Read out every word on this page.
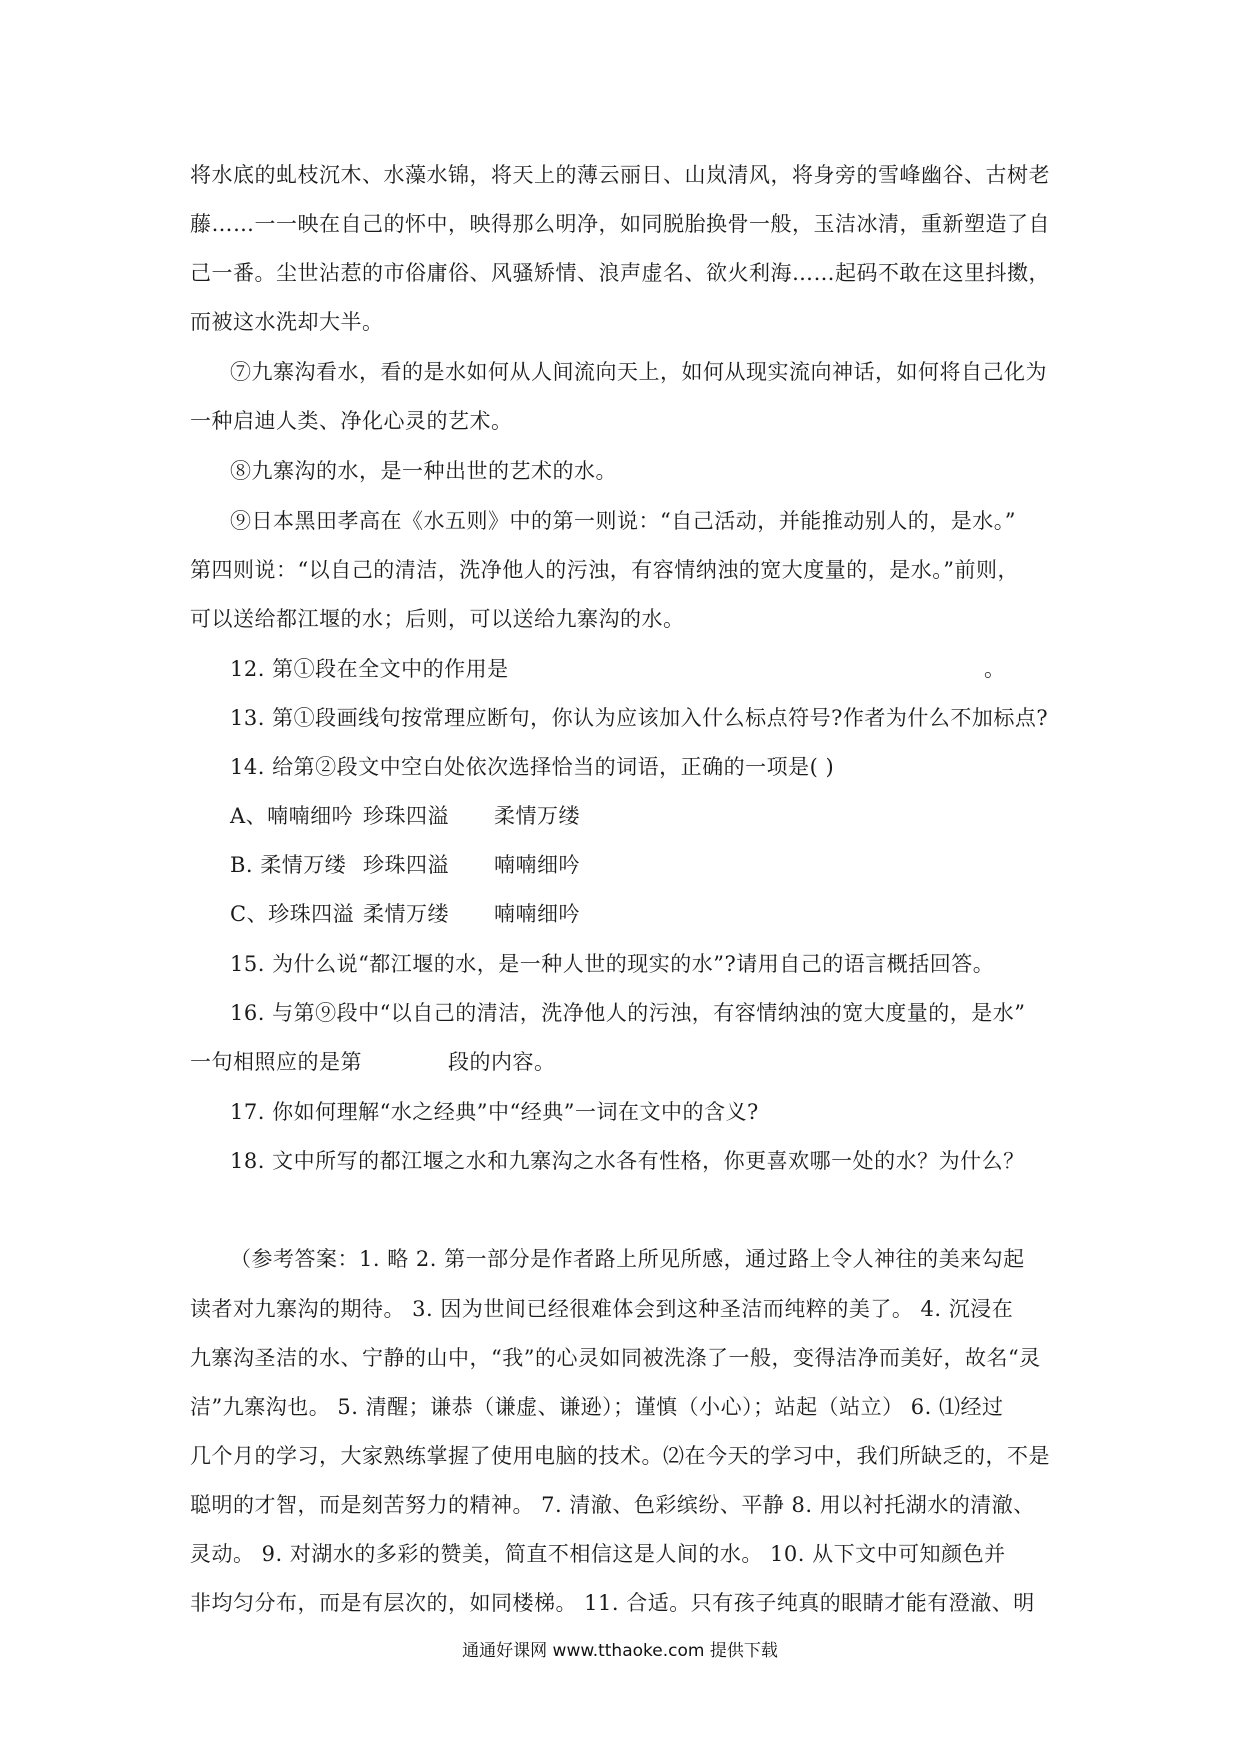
将水底的虬枝沉木、水藻水锦，将天上的薄云丽日、山岚清风，将身旁的雪峰幽谷、古树老
藤……一一映在自己的怀中，映得那么明净，如同脱胎换骨一般，玉洁冰清，重新塑造了自
己一番。尘世沾惹的市俗庸俗、风骚矫情、浪声虚名、欲火利海……起码不敢在这里抖擞，
而被这水洗却大半。
⑦九寨沟看水，看的是水如何从人间流向天上，如何从现实流向神话，如何将自己化为
一种启迪人类、净化心灵的艺术。
⑧九寨沟的水，是一种出世的艺术的水。
⑨日本黑田孝高在《水五则》中的第一则说：“自己活动，并能推动别人的，是水。”
第四则说：“以自己的清洁，洗净他人的污浊，有容情纳浊的宽大度量的，是水。”前则，
可以送给都江堰的水；后则，可以送给九寨沟的水。
12. 第①段在全文中的作用是	。
13. 第①段画线句按常理应断句，你认为应该加入什么标点符号?作者为什么不加标点?
14. 给第②段文中空白处依次选择恰当的词语，正确的一项是( )
A、喃喃细吟 珍珠四溢 柔情万缕
B. 柔情万缕 珍珠四溢 喃喃细吟
C、珍珠四溢 柔情万缕 喃喃细吟
15. 为什么说“都江堰的水，是一种人世的现实的水”?请用自己的语言概括回答。
16. 与第⑨段中“以自己的清洁，洗净他人的污浊，有容情纳浊的宽大度量的，是水”
一句相照应的是第	段的内容。
17. 你如何理解“水之经典”中“经典”一词在文中的含义?
18. 文中所写的都江堰之水和九寨沟之水各有性格，你更喜欢哪一处的水？为什么？
（参考答案：1. 略 2. 第一部分是作者路上所见所感，通过路上令人神往的美来勾起
读者对九寨沟的期待。 3. 因为世间已经很难体会到这种圣洁而纯粹的美了。 4. 沉浸在
九寨沟圣洁的水、宁静的山中，“我”的心灵如同被洗涤了一般，变得洁净而美好，故名“灵
洁”九寨沟也。 5. 清醒；谦恭（谦虚、谦逊）；谨慎（小心）；站起（站立） 6. ⑴经过
几个月的学习，大家熟练掌握了使用电脑的技术。⑵在今天的学习中，我们所缺乏的，不是
聪明的才智，而是刻苦努力的精神。 7. 清澈、色彩缤纷、平静 8. 用以衬托湖水的清澈、
灵动。 9. 对湖水的多彩的赞美，简直不相信这是人间的水。 10. 从下文中可知颜色并
非均匀分布，而是有层次的，如同楼梯。 11. 合适。只有孩子纯真的眼睛才能有澄澈、明
通通好课网 www.tthaoke.com 提供下载
